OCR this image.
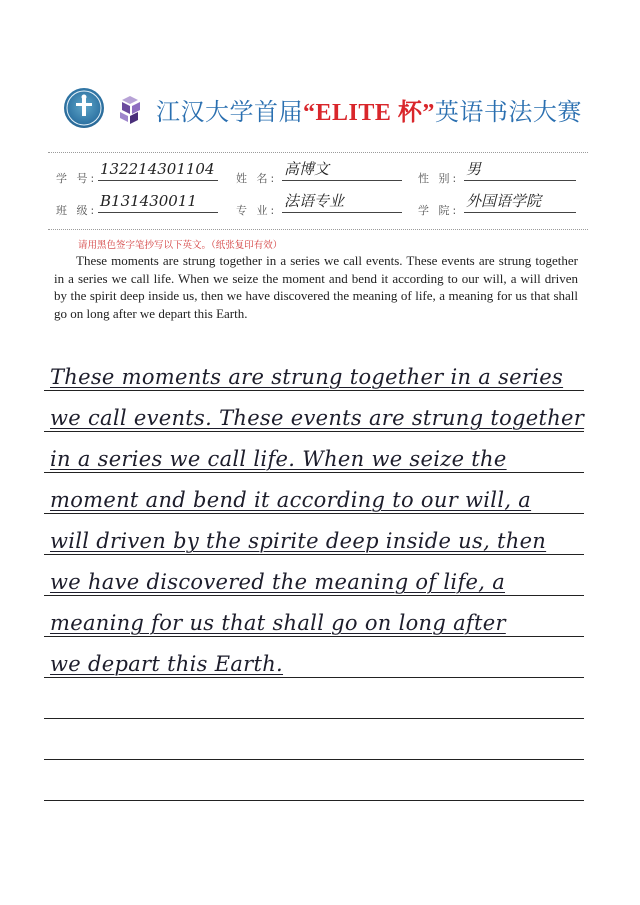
江汉大学首届“ELITE 杯”英语书法大赛
学 号:
132214301104
姓 名:
高博文
性 别:
男
班 级:
B131430011
专 业:
法语专业
学 院:
外国语学院
请用黑色签字笔抄写以下英文。（纸张复印有效）
These moments are strung together in a series we call events. These events are strung together in a series we call life. When we seize the moment and bend it according to our will, a will driven by the spirit deep inside us, then we have discovered the meaning of life, a meaning for us that shall go on long after we depart this Earth.
These moments are strung together in a series
we call events. These events are strung together
in a series we call life. When we seize the
moment and bend it according to our will, a
will driven by the spirite deep inside us, then
we have discovered the meaning of life, a
meaning for us that shall go on long after
we depart this Earth.
